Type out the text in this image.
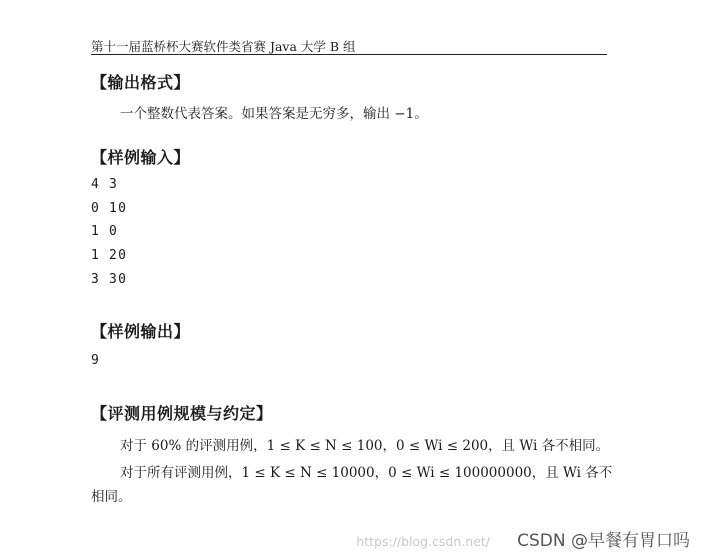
第十一届蓝桥杯大赛软件类省赛 Java 大学 B 组
【输出格式】
一个整数代表答案。如果答案是无穷多，输出 −1。
【样例输入】
4 3
0 10
1 0
1 20
3 30
【样例输出】
9
【评测用例规模与约定】
对于 60% 的评测用例，1 ≤ K ≤ N ≤ 100，0 ≤ Wi ≤ 200，且 Wi 各不相同。
对于所有评测用例，1 ≤ K ≤ N ≤ 10000，0 ≤ Wi ≤ 100000000，且 Wi 各不
相同。
https://blog.csdn.net/ CSDN @早餐有胃口吗
